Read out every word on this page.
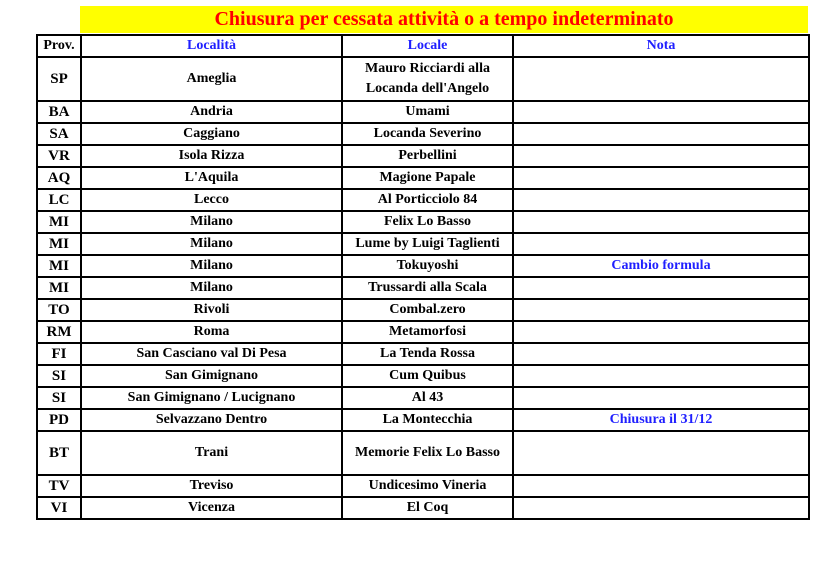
Chiusura per cessata attività o a tempo indeterminato
Prov.	Località	Locale	Nota
SP	Ameglia	Mauro Ricciardi alla Locanda dell'Angelo	
BA	Andria	Umami	
SA	Caggiano	Locanda Severino	
VR	Isola Rizza	Perbellini	
AQ	L'Aquila	Magione Papale	
LC	Lecco	Al Porticciolo 84	
MI	Milano	Felix Lo Basso	
MI	Milano	Lume by Luigi Taglienti	
MI	Milano	Tokuyoshi	Cambio formula
MI	Milano	Trussardi alla Scala	
TO	Rivoli	Combal.zero	
RM	Roma	Metamorfosi	
FI	San Casciano val Di Pesa	La Tenda Rossa	
SI	San Gimignano	Cum Quibus	
SI	San Gimignano / Lucignano	Al 43	
PD	Selvazzano Dentro	La Montecchia	Chiusura il 31/12
BT	Trani	Memorie Felix Lo Basso	
TV	Treviso	Undicesimo Vineria	
VI	Vicenza	El Coq	
